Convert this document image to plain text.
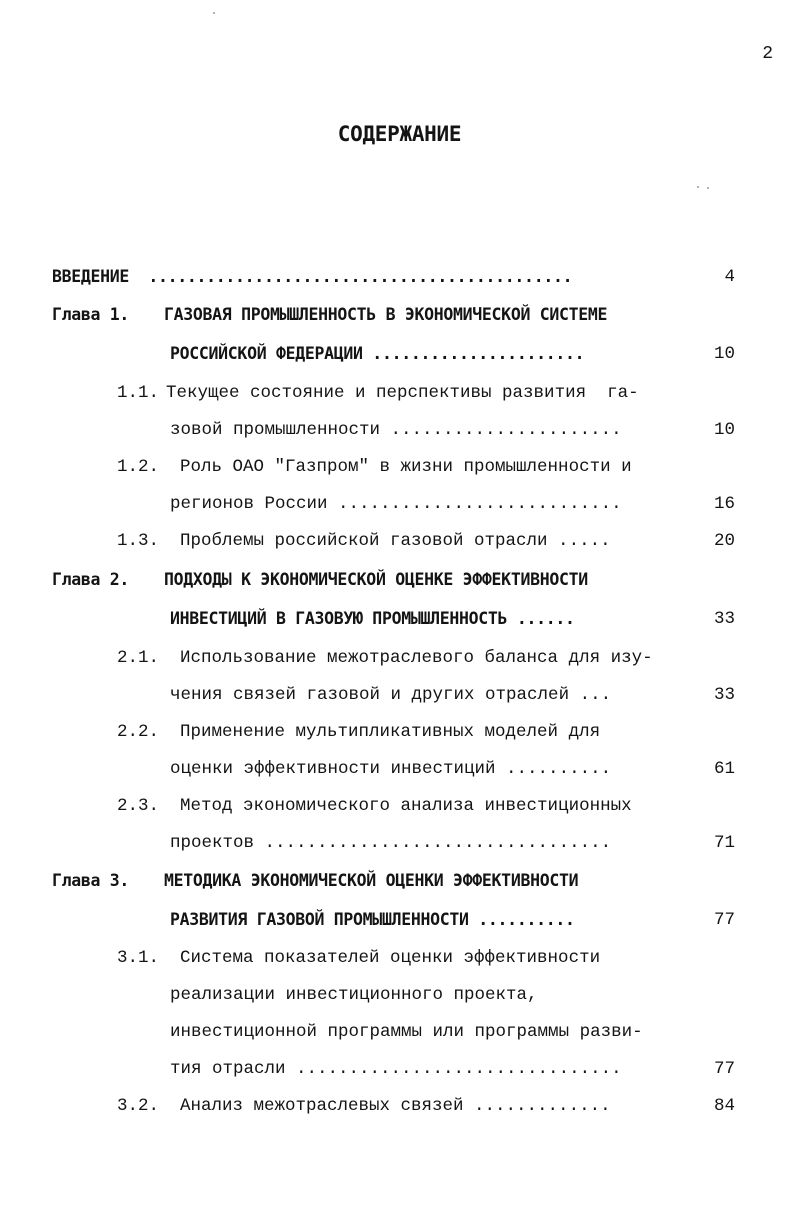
2
СОДЕРЖАНИЕ
ВВЕДЕНИЕ  ............................................	4
Глава 1. ГАЗОВАЯ ПРОМЫШЛЕННОСТЬ В ЭКОНОМИЧЕСКОЙ СИСТЕМЕ
РОССИЙСКОЙ ФЕДЕРАЦИИ ......................	10
1.1. Текущее состояние и перспективы развития  га-
зовой промышленности ......................	10
1.2. Роль ОАО "Газпром" в жизни промышленности и
регионов России ...........................	16
1.3. Проблемы российской газовой отрасли .....	20
Глава 2. ПОДХОДЫ К ЭКОНОМИЧЕСКОЙ ОЦЕНКЕ ЭФФЕКТИВНОСТИ
ИНВЕСТИЦИЙ В ГАЗОВУЮ ПРОМЫШЛЕННОСТЬ ......	33
2.1. Использование межотраслевого баланса для изу-
чения связей газовой и других отраслей ...	33
2.2. Применение мультипликативных моделей для
оценки эффективности инвестиций ..........	61
2.3. Метод экономического анализа инвестиционных
проектов .................................	71
Глава 3. МЕТОДИКА ЭКОНОМИЧЕСКОЙ ОЦЕНКИ ЭФФЕКТИВНОСТИ
РАЗВИТИЯ ГАЗОВОЙ ПРОМЫШЛЕННОСТИ ..........	77
3.1. Система показателей оценки эффективности
реализации инвестиционного проекта,
инвестиционной программы или программы разви-
тия отрасли ...............................	77
3.2. Анализ межотраслевых связей .............	84
